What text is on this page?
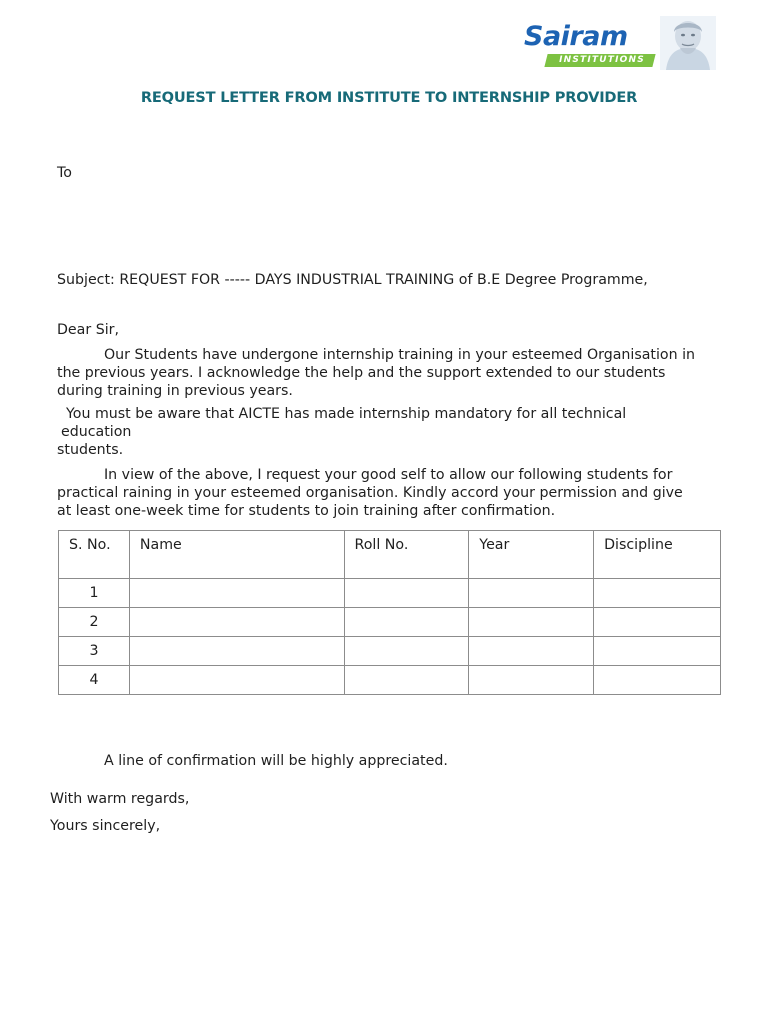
Sairam
INSTITUTIONS
REQUEST LETTER FROM INSTITUTE TO INTERNSHIP PROVIDER
To
Subject: REQUEST FOR ----- DAYS INDUSTRIAL TRAINING of B.E Degree Programme,
Dear Sir,
Our Students have undergone internship training in your esteemed Organisation in
the previous years. I acknowledge the help and the support extended to our students
during training in previous years.
You must be aware that AICTE has made internship mandatory for all technical
education
students.
In view of the above, I request your good self to allow our following students for
practical raining in your esteemed organisation. Kindly accord your permission and give
at least one-week time for students to join training after confirmation.
S. No.	Name	Roll No.	Year	Discipline
1				
2				
3				
4				
A line of confirmation will be highly appreciated.
With warm regards,
Yours sincerely,
